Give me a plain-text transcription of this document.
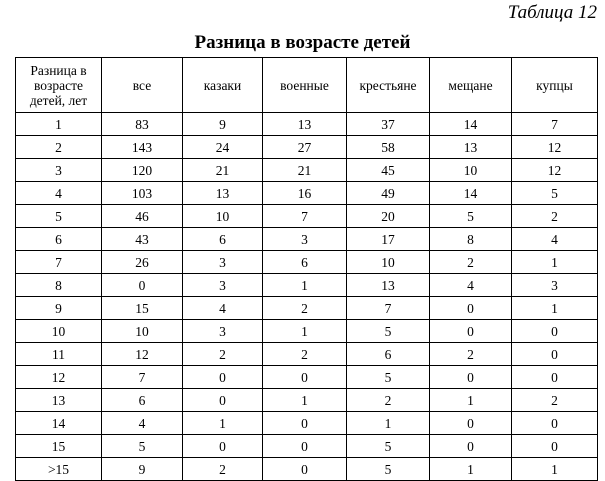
Таблица 12
Разница в возрасте детей
Разница в возрасте детей, лет	все	казаки	военные	крестьяне	мещане	купцы
1	83	9	13	37	14	7
2	143	24	27	58	13	12
3	120	21	21	45	10	12
4	103	13	16	49	14	5
5	46	10	7	20	5	2
6	43	6	3	17	8	4
7	26	3	6	10	2	1
8	0	3	1	13	4	3
9	15	4	2	7	0	1
10	10	3	1	5	0	0
11	12	2	2	6	2	0
12	7	0	0	5	0	0
13	6	0	1	2	1	2
14	4	1	0	1	0	0
15	5	0	0	5	0	0
>15	9	2	0	5	1	1
